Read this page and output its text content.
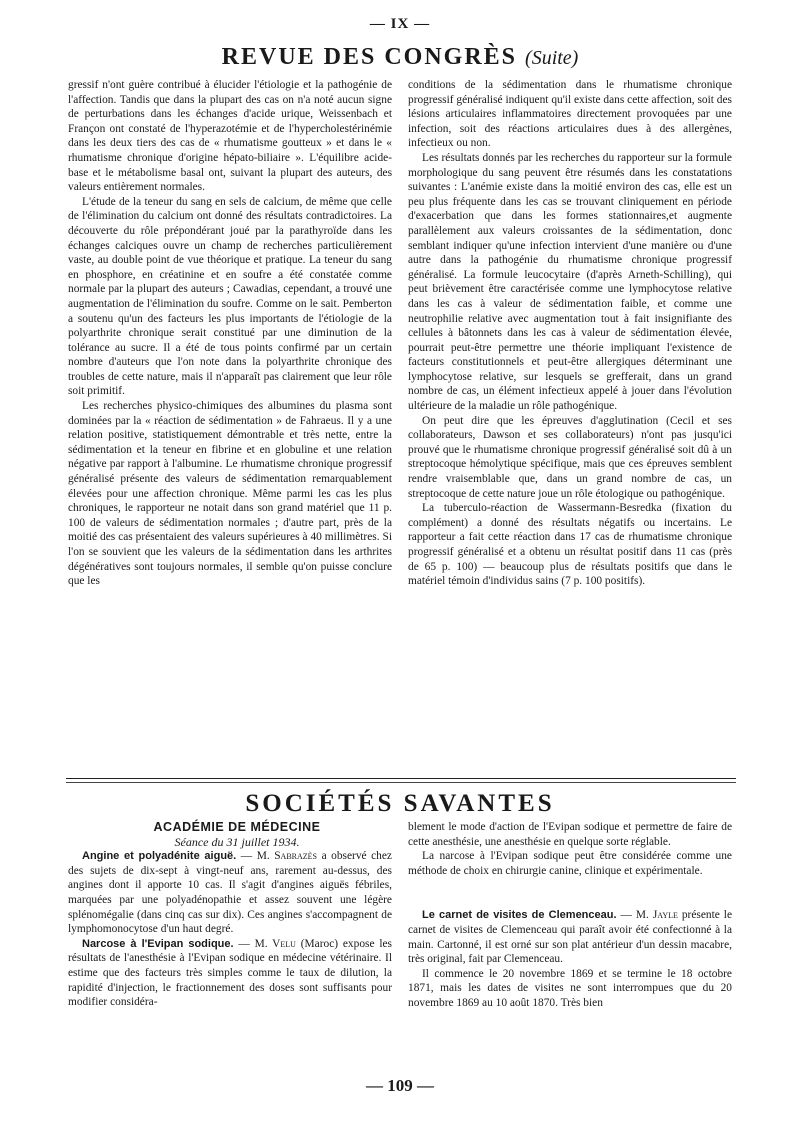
— IX —
REVUE DES CONGRÈS (Suite)

gressif n'ont guère contribué à élucider l'étiologie et la pathogénie de l'affection. Tandis que dans la plupart des cas on n'a noté aucun signe de perturbations dans les échanges d'acide urique, Weissenbach et Françon ont constaté de l'hyperazotémie et de l'hypercholestérinémie dans les deux tiers des cas de « rhumatisme goutteux » et dans le « rhumatisme chronique d'origine hépato-biliaire ». L'équilibre acide-base et le métabolisme basal ont, suivant la plupart des auteurs, des valeurs entièrement normales.

L'étude de la teneur du sang en sels de calcium, de même que celle de l'élimination du calcium ont donné des résultats contradictoires. La découverte du rôle prépondérant joué par la parathyroïde dans les échanges calciques ouvre un champ de recherches particulièrement vaste, au double point de vue théorique et pratique. La teneur du sang en phosphore, en créatinine et en soufre a été constatée comme normale par la plupart des auteurs ; Cawadias, cependant, a trouvé une augmentation de l'élimination du soufre. Comme on le sait. Pemberton a soutenu qu'un des facteurs les plus importants de l'étiologie de la polyarthrite chronique serait constitué par une diminution de la tolérance au sucre. Il a été de tous points confirmé par un certain nombre d'auteurs que l'on note dans la polyarthrite chronique des troubles de cette nature, mais il n'apparaît pas clairement que leur rôle soit primitif.

Les recherches physico-chimiques des albumines du plasma sont dominées par la « réaction de sédimentation » de Fahraeus. Il y a une relation positive, statistiquement démontrable et très nette, entre la sédimentation et la teneur en fibrine et en globuline et une relation négative par rapport à l'albumine. Le rhumatisme chronique progressif généralisé présente des valeurs de sédimentation remarquablement élevées pour une affection chronique. Même parmi les cas les plus chroniques, le rapporteur ne notait dans son grand matériel que 11 p. 100 de valeurs de sédimentation normales ; d'autre part, près de la moitié des cas présentaient des valeurs supérieures à 40 millimètres. Si l'on se souvient que les valeurs de la sédimentation dans les arthrites dégénératives sont toujours normales, il semble qu'on puisse conclure que les

conditions de la sédimentation dans le rhumatisme chronique progressif généralisé indiquent qu'il existe dans cette affection, soit des lésions articulaires inflammatoires directement provoquées par une infection, soit des réactions articulaires dues à des allergènes, infectieux ou non.

Les résultats donnés par les recherches du rapporteur sur la formule morphologique du sang peuvent être résumés dans les constatations suivantes : L'anémie existe dans la moitié environ des cas, elle est un peu plus fréquente dans les cas se trouvant cliniquement en période d'exacerbation que dans les formes stationnaires,et augmente parallèlement aux valeurs croissantes de la sédimentation, donc semblant indiquer qu'une infection intervient d'une manière ou d'une autre dans la pathogénie du rhumatisme chronique progressif généralisé. La formule leucocytaire (d'après Arneth-Schilling), qui peut brièvement être caractérisée comme une lymphocytose relative dans les cas à valeur de sédimentation faible, et comme une neutrophilie relative avec augmentation tout à fait insignifiante des cellules à bâtonnets dans les cas à valeur de sédimentation élevée, pourrait peut-être permettre une théorie impliquant l'existence de facteurs constitutionnels et peut-être allergiques déterminant une lymphocytose relative, sur lesquels se grefferait, dans un grand nombre de cas, un élément infectieux appelé à jouer dans l'évolution ultérieure de la maladie un rôle pathogénique.

On peut dire que les épreuves d'agglutination (Cecil et ses collaborateurs, Dawson et ses collaborateurs) n'ont pas jusqu'ici prouvé que le rhumatisme chronique progressif généralisé soit dû à un streptocoque hémolytique spécifique, mais que ces épreuves semblent rendre vraisemblable que, dans un grand nombre de cas, un streptocoque de cette nature joue un rôle étologique ou pathogénique.

La tuberculo-réaction de Wassermann-Besredka (fixation du complément) a donné des résultats négatifs ou incertains. Le rapporteur a fait cette réaction dans 17 cas de rhumatisme chronique progressif généralisé et a obtenu un résultat positif dans 11 cas (près de 65 p. 100) — beaucoup plus de résultats positifs que dans le matériel témoin d'individus sains (7 p. 100 positifs).

SOCIÉTÉS SAVANTES

ACADÉMIE DE MÉDECINE

Séance du 31 juillet 1934.

Angine et polyadénite aiguë. — M. Sabrazès a observé chez des sujets de dix-sept à vingt-neuf ans, rarement au-dessus, des angines dont il apporte 10 cas. Il s'agit d'angines aiguës fébriles, marquées par une polyadénopathie et assez souvent une légère splénomégalie (dans cinq cas sur dix). Ces angines s'accompagnent de lymphomonocytose d'un haut degré.

Narcose à l'Evipan sodique. — M. Velu (Maroc) expose les résultats de l'anesthésie à l'Evipan sodique en médecine vétérinaire. Il estime que des facteurs très simples comme le taux de dilution, la rapidité d'injection, le fractionnement des doses sont suffisants pour modifier considéra-

blement le mode d'action de l'Evipan sodique et permettre de faire de cette anesthésie, une anesthésie en quelque sorte réglable.

La narcose à l'Evipan sodique peut être considérée comme une méthode de choix en chirurgie canine, clinique et expérimentale.

Le carnet de visites de Clemenceau. — M. Jayle présente le carnet de visites de Clemenceau qui paraît avoir été confectionné à la main. Cartonné, il est orné sur son plat antérieur d'un dessin macabre, très original, fait par Clemenceau.

Il commence le 20 novembre 1869 et se termine le 18 octobre 1871, mais les dates de visites ne sont interrompues que du 20 novembre 1869 au 10 août 1870. Très bien

— 109 —
